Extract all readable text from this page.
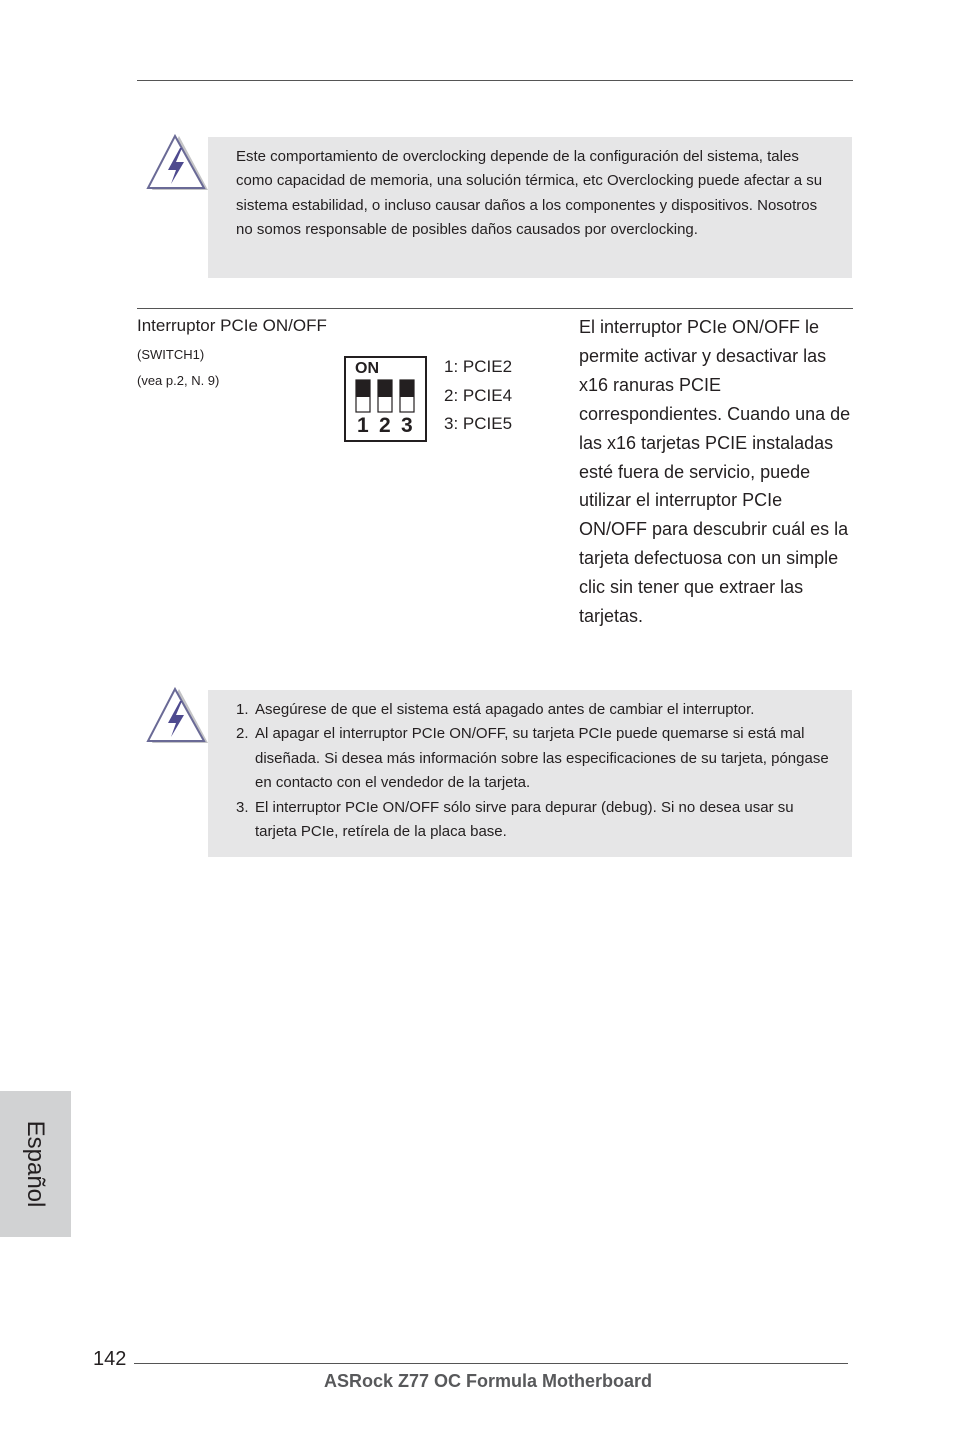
Este comportamiento de overclocking depende de la configuración del sistema, tales como capacidad de memoria, una solución térmica, etc Overclocking puede afectar a su sistema estabilidad, o incluso causar daños a los componentes y dispositivos. Nosotros no somos responsable de posibles daños causados por overclocking.
Interruptor PCIe ON/OFF
(SWITCH1)
(vea p.2, N. 9)
ON
1 2 3
1: PCIE2
2: PCIE4
3: PCIE5
El interruptor PCIe ON/OFF le permite activar y desactivar las x16 ranuras PCIE correspondientes. Cuando una de las x16 tarjetas PCIE instaladas esté fuera de servicio, puede utilizar el interruptor PCIe ON/OFF para descubrir cuál es la tarjeta defectuosa con un simple clic sin tener que extraer las tarjetas.
1. Asegúrese de que el sistema está apagado antes de cambiar el interruptor.
2. Al apagar el interruptor PCIe ON/OFF, su tarjeta PCIe puede quemarse si está mal diseñada. Si desea más información sobre las especificaciones de su tarjeta, póngase en contacto con el vendedor de la tarjeta.
3. El interruptor PCIe ON/OFF sólo sirve para depurar (debug). Si no desea usar su tarjeta PCIe, retírela de la placa base.
Español
142
ASRock Z77 OC Formula Motherboard
